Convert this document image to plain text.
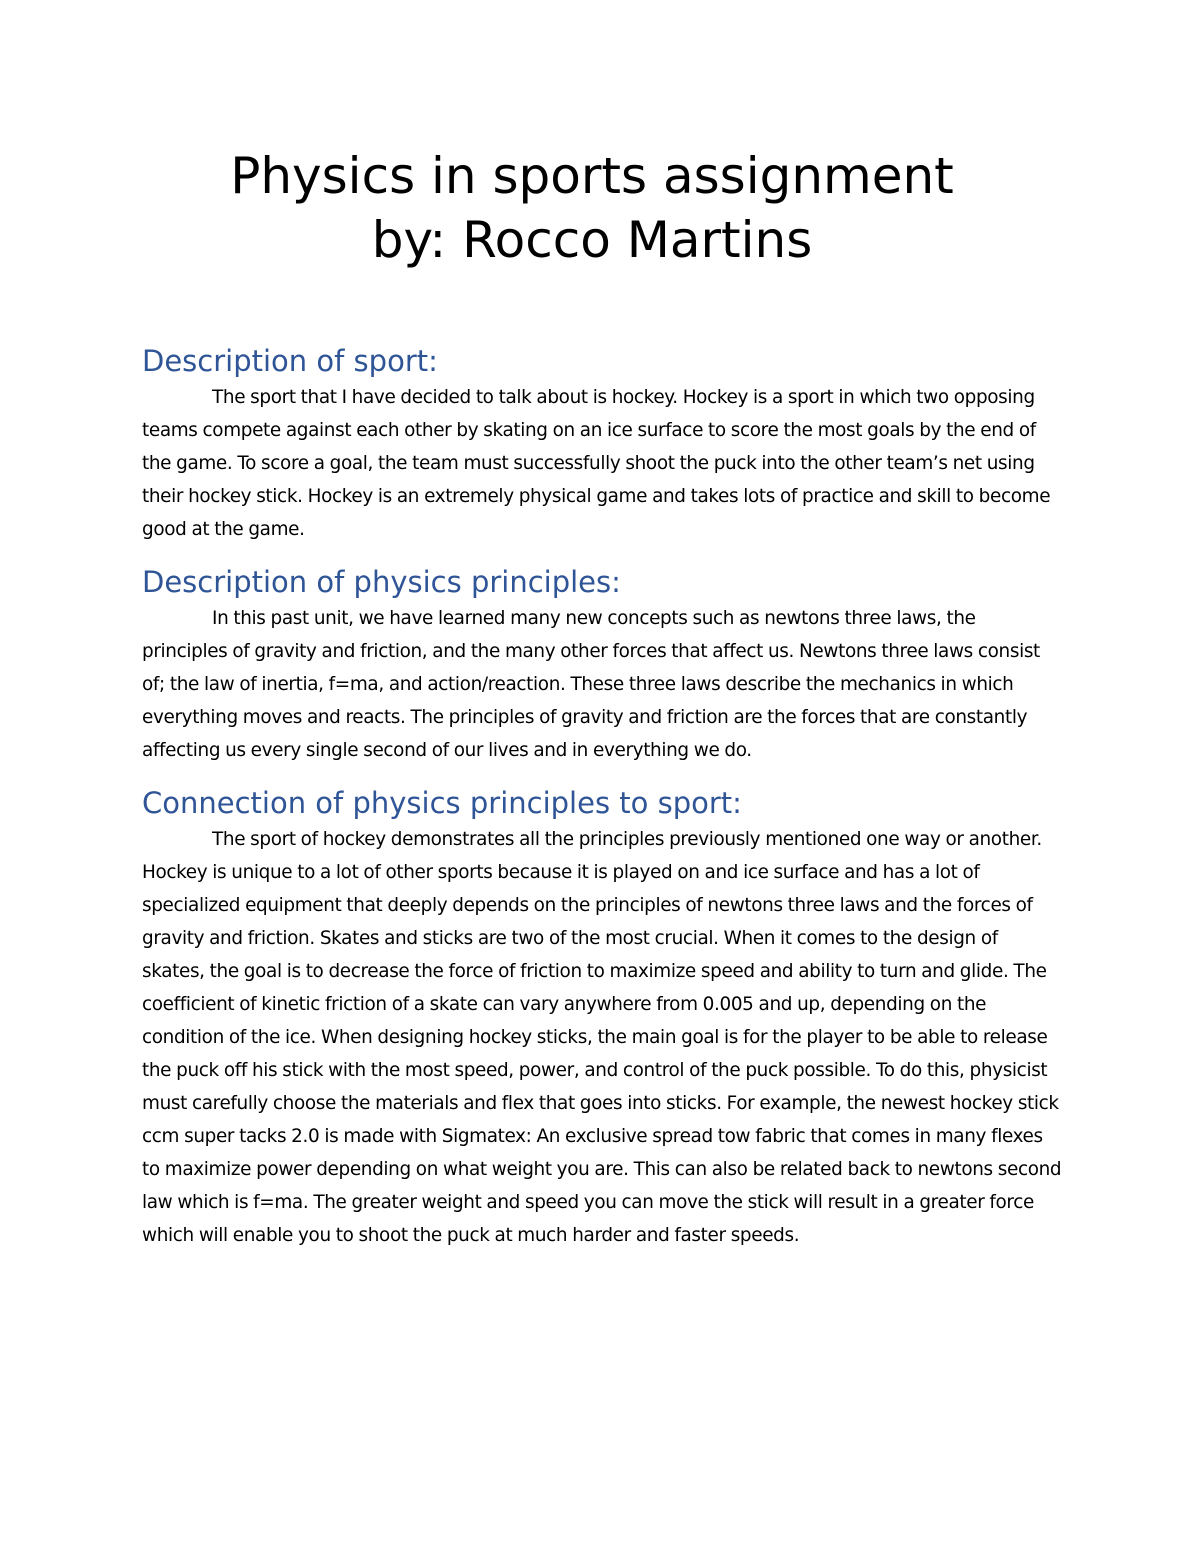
Physics in sports assignment
by: Rocco Martins
Description of sport:

The sport that I have decided to talk about is hockey. Hockey is a sport in which two opposing teams compete against each other by skating on an ice surface to score the most goals by the end of the game. To score a goal, the team must successfully shoot the puck into the other team’s net using their hockey stick. Hockey is an extremely physical game and takes lots of practice and skill to become good at the game.

Description of physics principles:

In this past unit, we have learned many new concepts such as newtons three laws, the principles of gravity and friction, and the many other forces that affect us. Newtons three laws consist of; the law of inertia, f=ma, and action/reaction. These three laws describe the mechanics in which everything moves and reacts. The principles of gravity and friction are the forces that are constantly affecting us every single second of our lives and in everything we do.

Connection of physics principles to sport:

The sport of hockey demonstrates all the principles previously mentioned one way or another. Hockey is unique to a lot of other sports because it is played on and ice surface and has a lot of specialized equipment that deeply depends on the principles of newtons three laws and the forces of gravity and friction. Skates and sticks are two of the most crucial. When it comes to the design of skates, the goal is to decrease the force of friction to maximize speed and ability to turn and glide. The coefficient of kinetic friction of a skate can vary anywhere from 0.005 and up, depending on the condition of the ice. When designing hockey sticks, the main goal is for the player to be able to release the puck off his stick with the most speed, power, and control of the puck possible. To do this, physicist must carefully choose the materials and flex that goes into sticks. For example, the newest hockey stick ccm super tacks 2.0 is made with Sigmatex: An exclusive spread tow fabric that comes in many flexes to maximize power depending on what weight you are. This can also be related back to newtons second law which is f=ma. The greater weight and speed you can move the stick will result in a greater force which will enable you to shoot the puck at much harder and faster speeds.
